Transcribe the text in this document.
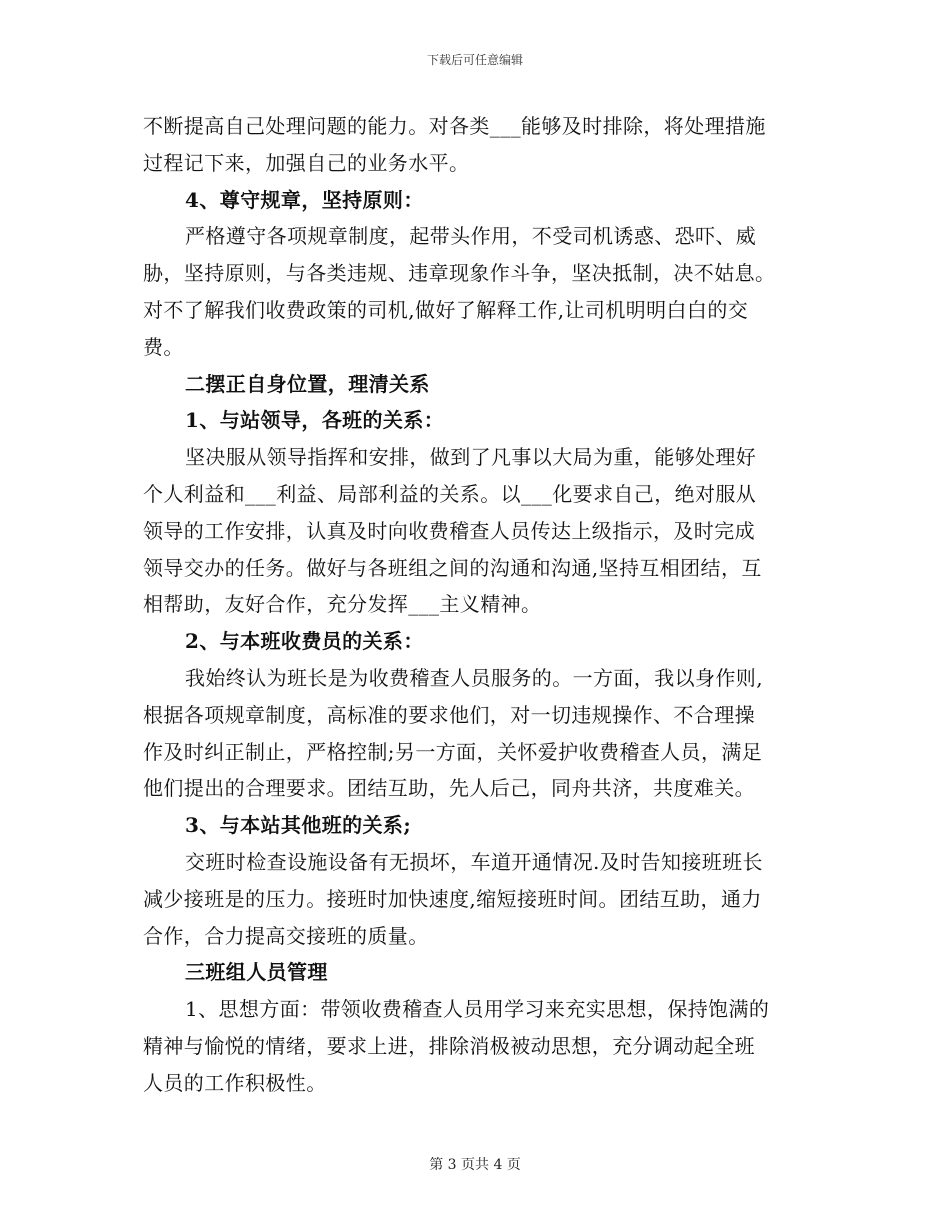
下载后可任意编辑
不断提高自己处理问题的能力。对各类___能够及时排除，将处理措施
过程记下来，加强自己的业务水平。
4、尊守规章，坚持原则：
严格遵守各项规章制度，起带头作用，不受司机诱惑、恐吓、威
胁，坚持原则，与各类违规、违章现象作斗争，坚决抵制，决不姑息。
对不了解我们收费政策的司机,做好了解释工作,让司机明明白白的交
费。
二摆正自身位置，理清关系
1、与站领导，各班的关系：
坚决服从领导指挥和安排，做到了凡事以大局为重，能够处理好
个人利益和___利益、局部利益的关系。以___化要求自己，绝对服从
领导的工作安排，认真及时向收费稽查人员传达上级指示，及时完成
领导交办的任务。做好与各班组之间的沟通和沟通,坚持互相团结，互
相帮助，友好合作，充分发挥___主义精神。
2、与本班收费员的关系：
我始终认为班长是为收费稽查人员服务的。一方面，我以身作则,
根据各项规章制度，高标准的要求他们，对一切违规操作、不合理操
作及时纠正制止，严格控制;另一方面，关怀爱护收费稽查人员，满足
他们提出的合理要求。团结互助，先人后己，同舟共济，共度难关。
3、与本站其他班的关系;
交班时检查设施设备有无损坏，车道开通情况.及时告知接班班长
减少接班是的压力。接班时加快速度,缩短接班时间。团结互助，通力
合作，合力提高交接班的质量。
三班组人员管理
1、思想方面：带领收费稽查人员用学习来充实思想，保持饱满的
精神与愉悦的情绪，要求上进，排除消极被动思想，充分调动起全班
人员的工作积极性。
第 3 页共 4 页
